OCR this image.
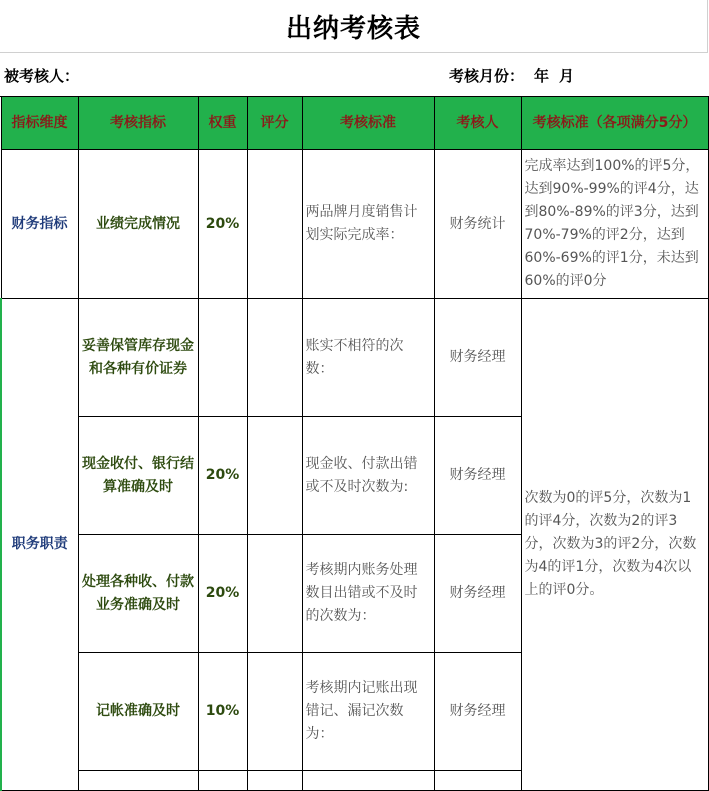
出纳考核表
被考核人：	考核月份： 年 月
指标维度	考核指标	权重	评分	考核标准	考核人	考核标准（各项满分5分）
财务指标	业绩完成情况	20%		两品牌月度销售计划实际完成率：	财务统计	完成率达到100%的评5分，达到90%-99%的评4分，达到80%-89%的评3分，达到70%-79%的评2分，达到60%-69%的评1分，未达到60%的评0分
职务职责	妥善保管库存现金和各种有价证券			账实不相符的次数：	财务经理	次数为0的评5分，次数为1的评4分，次数为2的评3分，次数为3的评2分，次数为4的评1分，次数为4次以上的评0分。
	现金收付、银行结算准确及时	20%		现金收、付款出错或不及时次数为:	财务经理	
	处理各种收、付款业务准确及时	20%		考核期内账务处理数目出错或不及时的次数为：	财务经理	
	记帐准确及时	10%		考核期内记账出现错记、漏记次数为：	财务经理	
